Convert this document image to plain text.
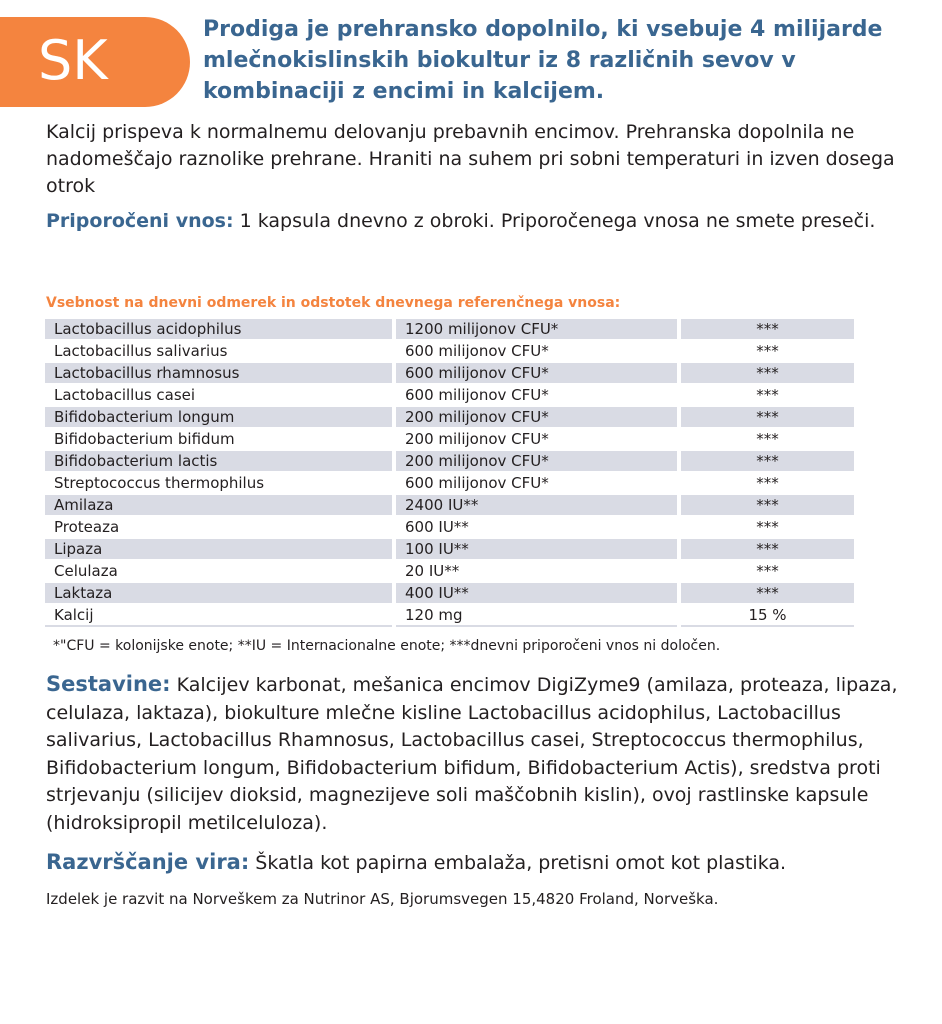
SK	Prodiga je prehransko dopolnilo, ki vsebuje 4 milijarde mlečnokislinskih biokultur iz 8 različnih sevov v kombinaciji z encimi in kalcijem.

Kalcij prispeva k normalnemu delovanju prebavnih encimov. Prehranska dopolnila ne nadomeščajo raznolike prehrane. Hraniti na suhem pri sobni temperaturi in izven dosega otrok

Priporočeni vnos: 1 kapsula dnevno z obroki. Priporočenega vnosa ne smete preseči.

Vsebnost na dnevni odmerek in odstotek dnevnega referenčnega vnosa:

Lactobacillus acidophilus	1200 milijonov CFU*	***
Lactobacillus salivarius	600 milijonov CFU*	***
Lactobacillus rhamnosus	600 milijonov CFU*	***
Lactobacillus casei	600 milijonov CFU*	***
Bifidobacterium longum	200 milijonov CFU*	***
Bifidobacterium bifidum	200 milijonov CFU*	***
Bifidobacterium lactis	200 milijonov CFU*	***
Streptococcus thermophilus	600 milijonov CFU*	***
Amilaza	2400 IU**	***
Proteaza	600 IU**	***
Lipaza	100 IU**	***
Celulaza	20 IU**	***
Laktaza	400 IU**	***
Kalcij	120 mg	15 %

*"CFU = kolonijske enote; **IU = Internacionalne enote; ***dnevni priporočeni vnos ni določen.

Sestavine: Kalcijev karbonat, mešanica encimov DigiZyme9 (amilaza, proteaza, lipaza, celulaza, laktaza), biokulture mlečne kisline Lactobacillus acidophilus, Lactobacillus salivarius, Lactobacillus Rhamnosus, Lactobacillus casei, Streptococcus thermophilus, Bifidobacterium longum, Bifidobacterium bifidum, Bifidobacterium Actis), sredstva proti strjevanju (silicijev dioksid, magnezijeve soli maščobnih kislin), ovoj rastlinske kapsule (hidroksipropil metilceluloza).

Razvrščanje vira: Škatla kot papirna embalaža, pretisni omot kot plastika.

Izdelek je razvit na Norveškem za Nutrinor AS, Bjorumsvegen 15,4820 Froland, Norveška.
